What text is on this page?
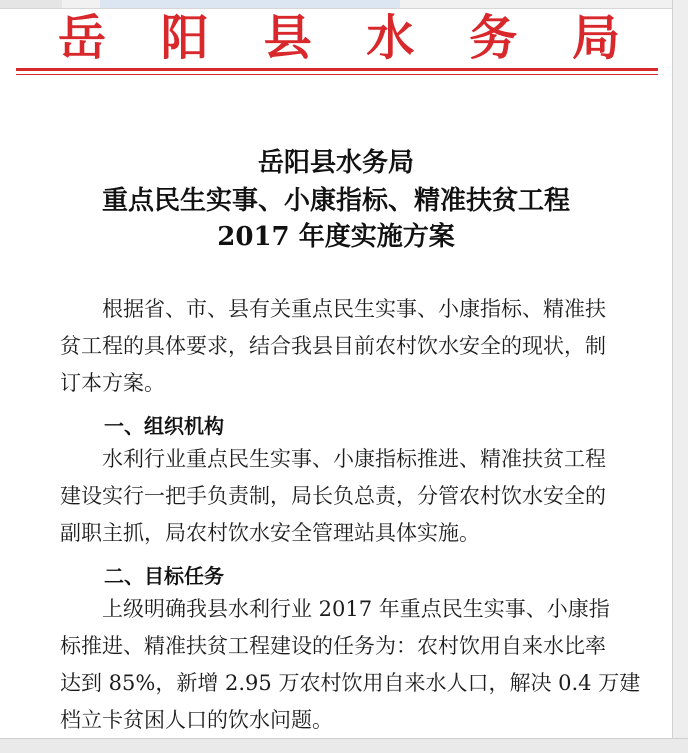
岳 阳 县 水 务 局
岳阳县水务局
重点民生实事、小康指标、精准扶贫工程
2017 年度实施方案
　　根据省、市、县有关重点民生实事、小康指标、精准扶
贫工程的具体要求，结合我县目前农村饮水安全的现状，制
订本方案。
一、组织机构
　　水利行业重点民生实事、小康指标推进、精准扶贫工程
建设实行一把手负责制，局长负总责，分管农村饮水安全的
副职主抓，局农村饮水安全管理站具体实施。
二、目标任务
　　上级明确我县水利行业 2017 年重点民生实事、小康指
标推进、精准扶贫工程建设的任务为：农村饮用自来水比率
达到 85%，新增 2.95 万农村饮用自来水人口，解决 0.4 万建
档立卡贫困人口的饮水问题。
